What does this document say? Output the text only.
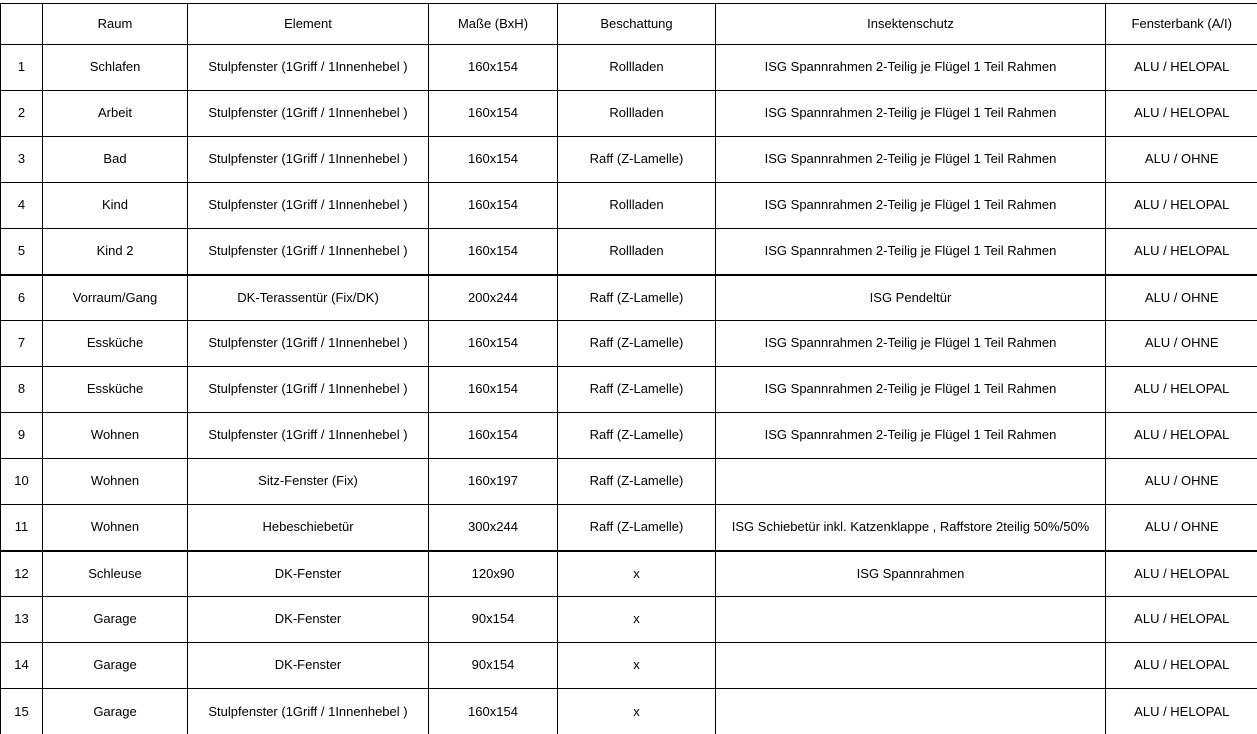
	Raum	Element	Maße (BxH)	Beschattung	Insektenschutz	Fensterbank (A/I)
1	Schlafen	Stulpfenster (1Griff / 1Innenhebel )	160x154	Rollladen	ISG Spannrahmen 2-Teilig je Flügel 1 Teil Rahmen	ALU / HELOPAL
2	Arbeit	Stulpfenster (1Griff / 1Innenhebel )	160x154	Rollladen	ISG Spannrahmen 2-Teilig je Flügel 1 Teil Rahmen	ALU / HELOPAL
3	Bad	Stulpfenster (1Griff / 1Innenhebel )	160x154	Raff (Z-Lamelle)	ISG Spannrahmen 2-Teilig je Flügel 1 Teil Rahmen	ALU / OHNE
4	Kind	Stulpfenster (1Griff / 1Innenhebel )	160x154	Rollladen	ISG Spannrahmen 2-Teilig je Flügel 1 Teil Rahmen	ALU / HELOPAL
5	Kind 2	Stulpfenster (1Griff / 1Innenhebel )	160x154	Rollladen	ISG Spannrahmen 2-Teilig je Flügel 1 Teil Rahmen	ALU / HELOPAL
6	Vorraum/Gang	DK-Terassentür (Fix/DK)	200x244	Raff (Z-Lamelle)	ISG Pendeltür	ALU / OHNE
7	Essküche	Stulpfenster (1Griff / 1Innenhebel )	160x154	Raff (Z-Lamelle)	ISG Spannrahmen 2-Teilig je Flügel 1 Teil Rahmen	ALU / OHNE
8	Essküche	Stulpfenster (1Griff / 1Innenhebel )	160x154	Raff (Z-Lamelle)	ISG Spannrahmen 2-Teilig je Flügel 1 Teil Rahmen	ALU / HELOPAL
9	Wohnen	Stulpfenster (1Griff / 1Innenhebel )	160x154	Raff (Z-Lamelle)	ISG Spannrahmen 2-Teilig je Flügel 1 Teil Rahmen	ALU / HELOPAL
10	Wohnen	Sitz-Fenster (Fix)	160x197	Raff (Z-Lamelle)		ALU / OHNE
11	Wohnen	Hebeschiebetür	300x244	Raff (Z-Lamelle)	ISG Schiebetür inkl. Katzenklappe , Raffstore 2teilig 50%/50%	ALU / OHNE
12	Schleuse	DK-Fenster	120x90	x	ISG Spannrahmen	ALU / HELOPAL
13	Garage	DK-Fenster	90x154	x		ALU / HELOPAL
14	Garage	DK-Fenster	90x154	x		ALU / HELOPAL
15	Garage	Stulpfenster (1Griff / 1Innenhebel )	160x154	x		ALU / HELOPAL
